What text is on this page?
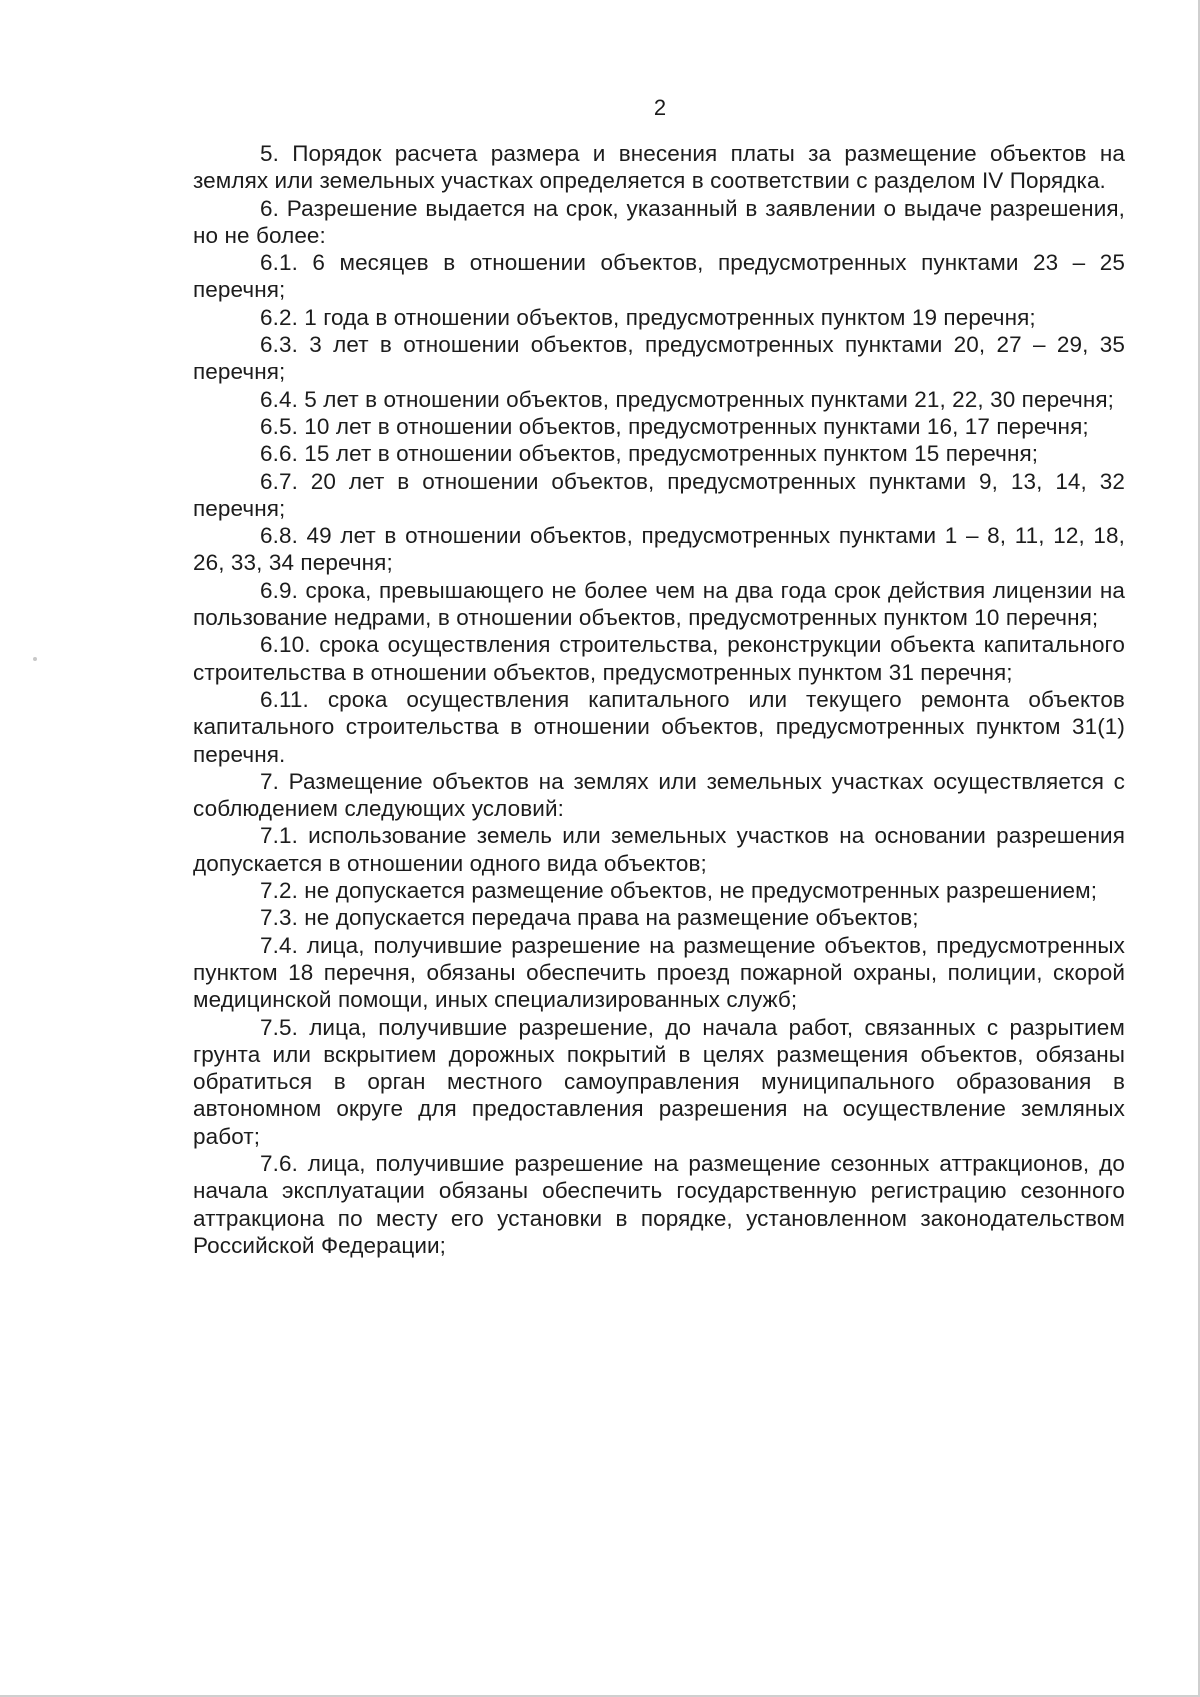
2

5. Порядок расчета размера и внесения платы за размещение объектов на землях или земельных участках определяется в соответствии с разделом IV Порядка.

6. Разрешение выдается на срок, указанный в заявлении о выдаче разрешения, но не более:

6.1. 6 месяцев в отношении объектов, предусмотренных пунктами 23 – 25 перечня;

6.2. 1 года в отношении объектов, предусмотренных пунктом 19 перечня;

6.3. 3 лет в отношении объектов, предусмотренных пунктами 20, 27 – 29, 35 перечня;

6.4. 5 лет в отношении объектов, предусмотренных пунктами 21, 22, 30 перечня;

6.5. 10 лет в отношении объектов, предусмотренных пунктами 16, 17 перечня;

6.6. 15 лет в отношении объектов, предусмотренных пунктом 15 перечня;

6.7. 20 лет в отношении объектов, предусмотренных пунктами 9, 13, 14, 32 перечня;

6.8. 49 лет в отношении объектов, предусмотренных пунктами 1 – 8, 11, 12, 18, 26, 33, 34 перечня;

6.9. срока, превышающего не более чем на два года срок действия лицензии на пользование недрами, в отношении объектов, предусмотренных пунктом 10 перечня;

6.10. срока осуществления строительства, реконструкции объекта капитального строительства в отношении объектов, предусмотренных пунктом 31 перечня;

6.11. срока осуществления капитального или текущего ремонта объектов капитального строительства в отношении объектов, предусмотренных пунктом 31(1) перечня.

7. Размещение объектов на землях или земельных участках осуществляется с соблюдением следующих условий:

7.1. использование земель или земельных участков на основании разрешения допускается в отношении одного вида объектов;

7.2. не допускается размещение объектов, не предусмотренных разрешением;

7.3. не допускается передача права на размещение объектов;

7.4. лица, получившие разрешение на размещение объектов, предусмотренных пунктом 18 перечня, обязаны обеспечить проезд пожарной охраны, полиции, скорой медицинской помощи, иных специализированных служб;

7.5. лица, получившие разрешение, до начала работ, связанных с разрытием грунта или вскрытием дорожных покрытий в целях размещения объектов, обязаны обратиться в орган местного самоуправления муниципального образования в автономном округе для предоставления разрешения на осуществление земляных работ;

7.6. лица, получившие разрешение на размещение сезонных аттракционов, до начала эксплуатации обязаны обеспечить государственную регистрацию сезонного аттракциона по месту его установки в порядке, установленном законодательством Российской Федерации;
